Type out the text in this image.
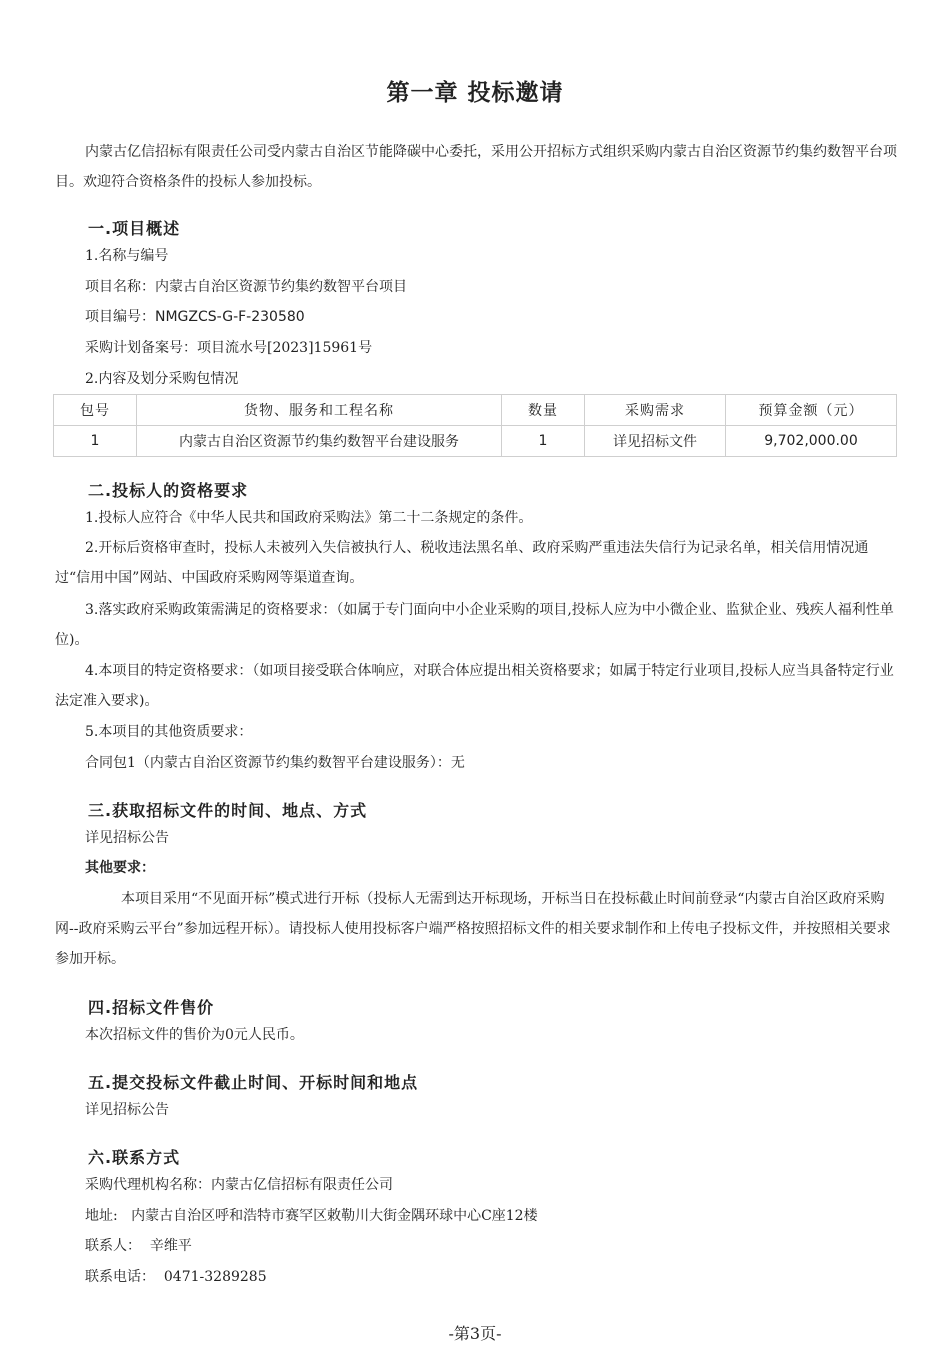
第一章 投标邀请

内蒙古亿信招标有限责任公司受内蒙古自治区节能降碳中心委托，采用公开招标方式组织采购内蒙古自治区资源节约集约数智平台项目。欢迎符合资格条件的投标人参加投标。

一.项目概述

1.名称与编号

项目名称：内蒙古自治区资源节约集约数智平台项目

项目编号：NMGZCS-G-F-230580

采购计划备案号：项目流水号[2023]15961号

2.内容及划分采购包情况

包号	货物、服务和工程名称	数量	采购需求	预算金额（元）
1	内蒙古自治区资源节约集约数智平台建设服务	1	详见招标文件	9,702,000.00
二.投标人的资格要求

1.投标人应符合《中华人民共和国政府采购法》第二十二条规定的条件。

2.开标后资格审查时，投标人未被列入失信被执行人、税收违法黑名单、政府采购严重违法失信行为记录名单，相关信用情况通过“信用中国”网站、中国政府采购网等渠道查询。

3.落实政府采购政策需满足的资格要求：（如属于专门面向中小企业采购的项目,投标人应为中小微企业、监狱企业、残疾人福利性单位)。

4.本项目的特定资格要求：（如项目接受联合体响应，对联合体应提出相关资格要求；如属于特定行业项目,投标人应当具备特定行业法定准入要求)。

5.本项目的其他资质要求：

合同包1（内蒙古自治区资源节约集约数智平台建设服务）：无

三.获取招标文件的时间、地点、方式

详见招标公告

其他要求：

本项目采用“不见面开标”模式进行开标（投标人无需到达开标现场，开标当日在投标截止时间前登录“内蒙古自治区政府采购网--政府采购云平台”参加远程开标）。请投标人使用投标客户端严格按照招标文件的相关要求制作和上传电子投标文件，并按照相关要求参加开标。

四.招标文件售价

本次招标文件的售价为0元人民币。

五.提交投标文件截止时间、开标时间和地点

详见招标公告

六.联系方式

采购代理机构名称：内蒙古亿信招标有限责任公司

地址:   内蒙古自治区呼和浩特市赛罕区敕勒川大街金隅环球中心C座12楼

联系人：  辛维平

联系电话：  0471-3289285

-第3页-
